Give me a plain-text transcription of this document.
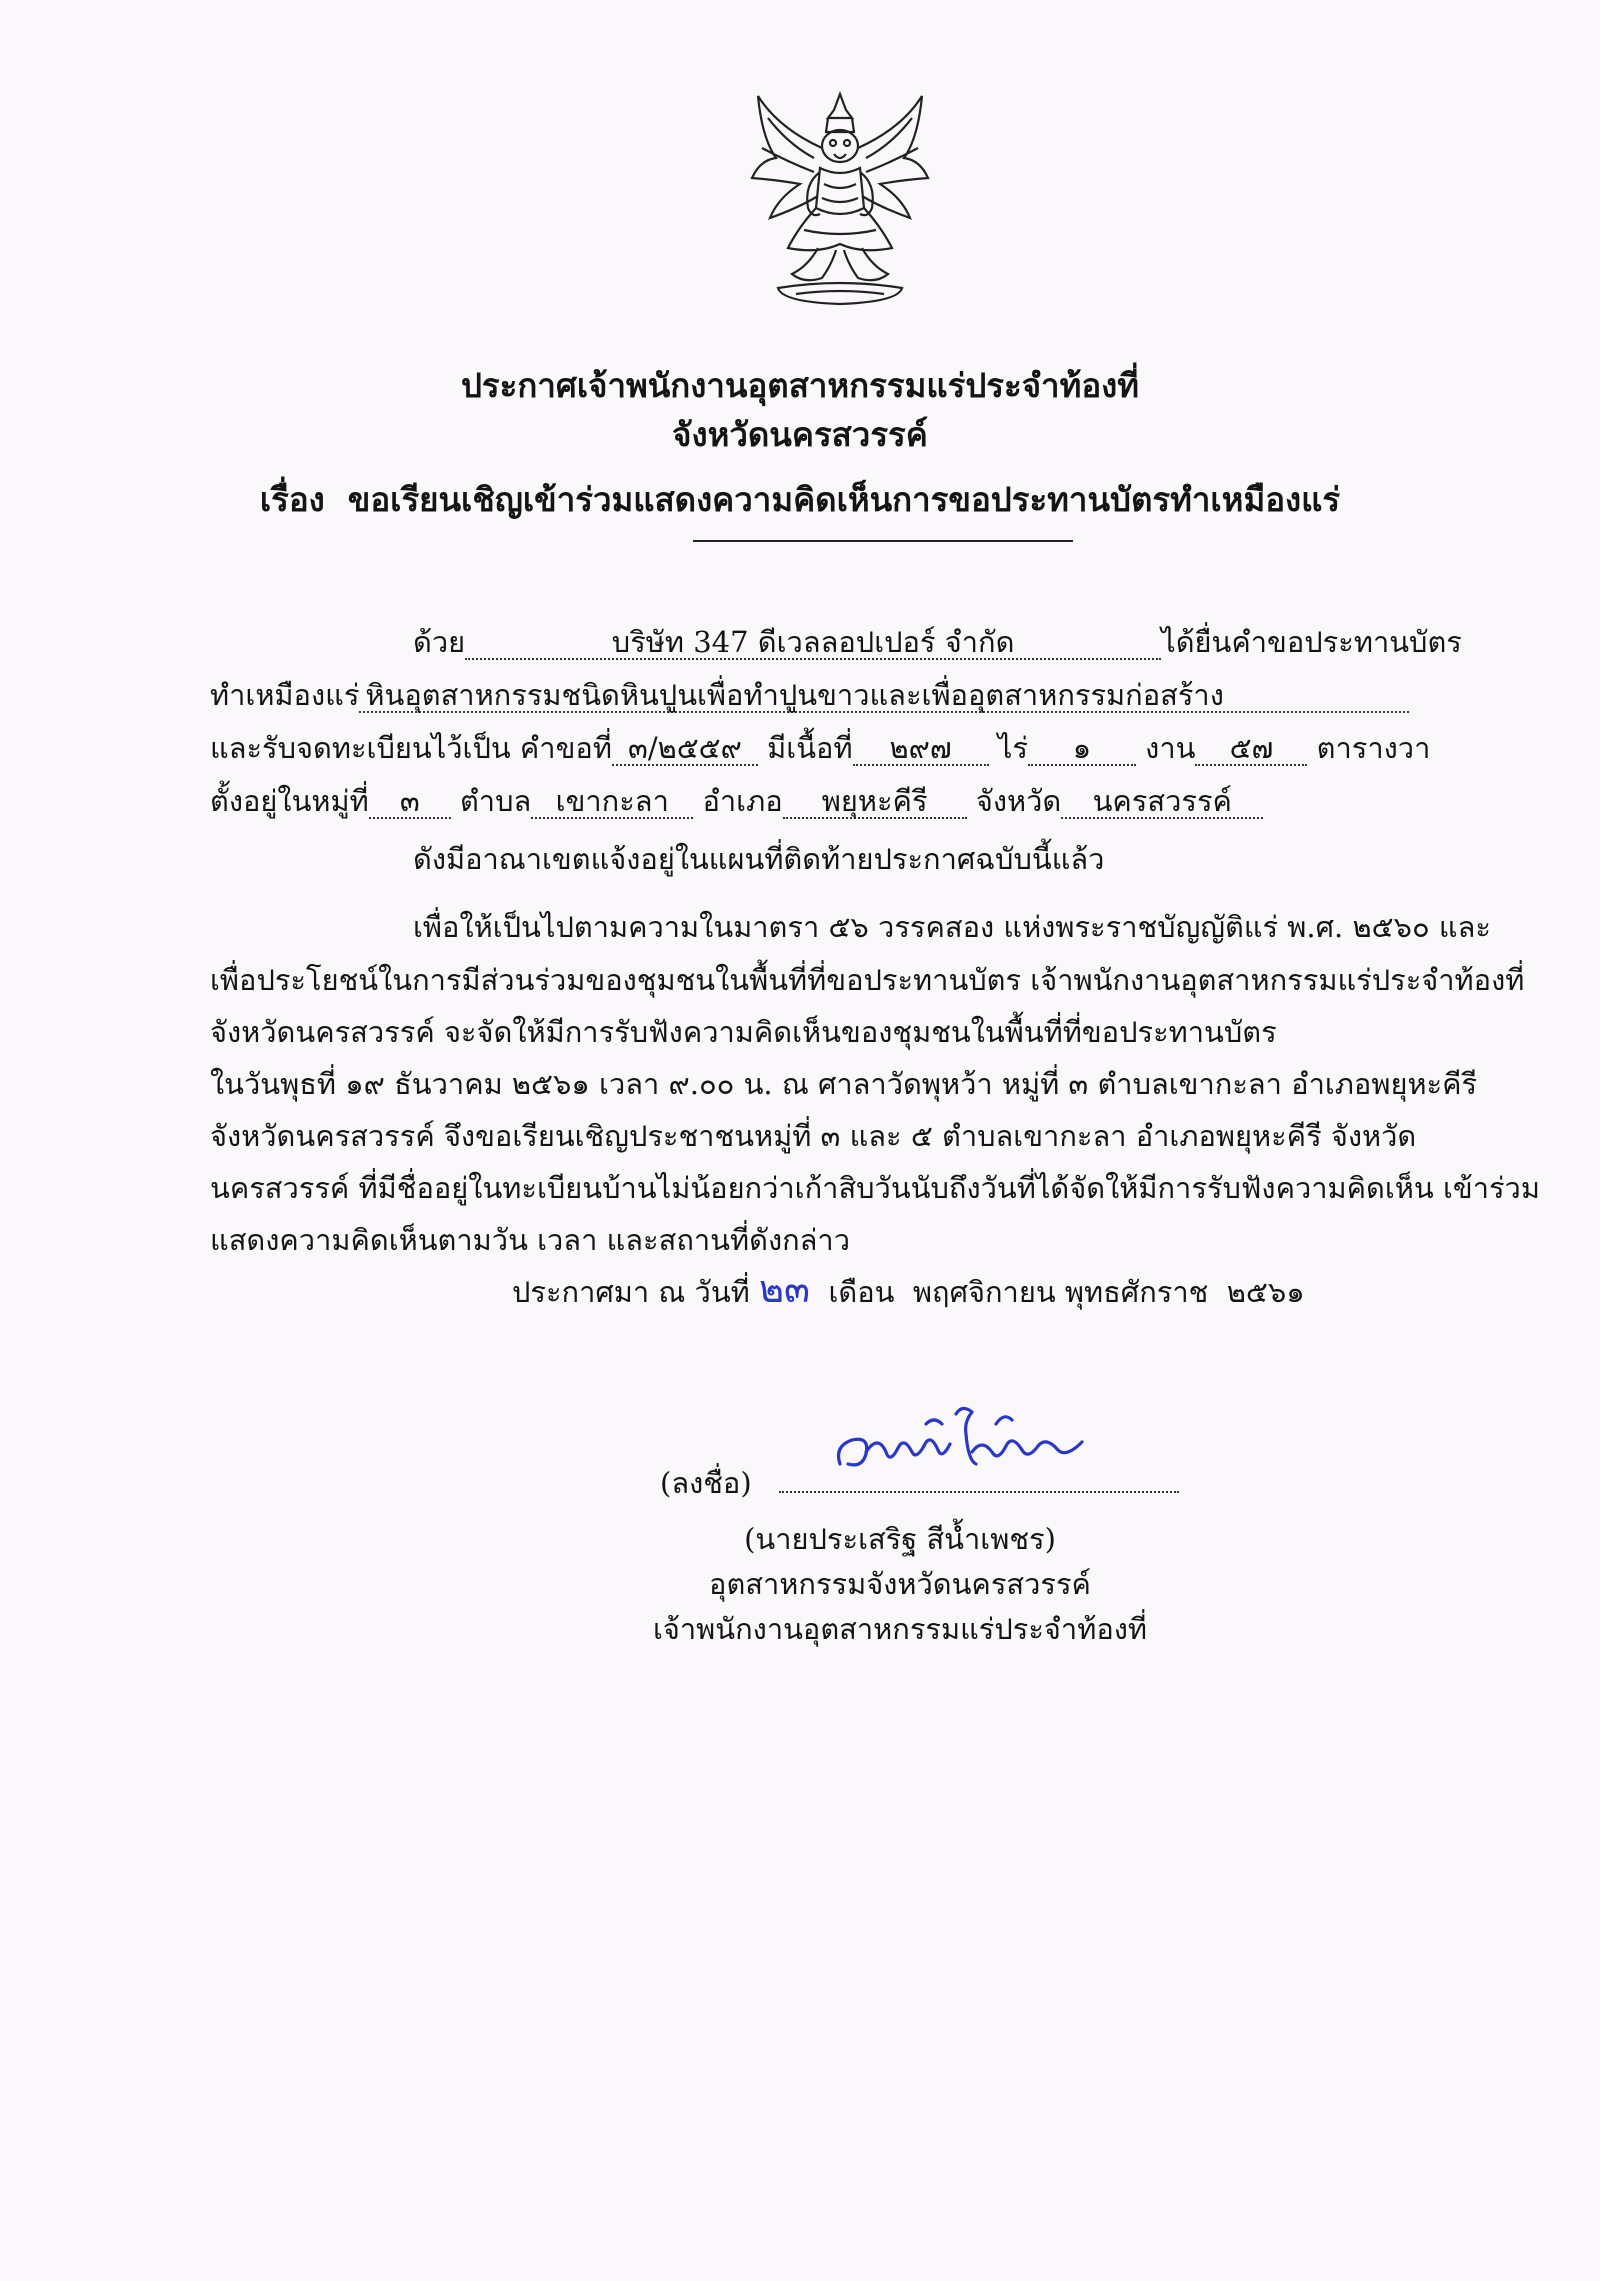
ประกาศเจ้าพนักงานอุตสาหกรรมแร่ประจำท้องที่
จังหวัดนครสวรรค์
เรื่อง ขอเรียนเชิญเข้าร่วมแสดงความคิดเห็นการขอประทานบัตรทำเหมืองแร่
ด้วย	บริษัท 347 ดีเวลลอปเปอร์ จำกัด	ได้ยื่นคำขอประทานบัตร
ทำเหมืองแร่ หินอุตสาหกรรมชนิดหินปูนเพื่อทำปูนขาวและเพื่ออุตสาหกรรมก่อสร้าง
และรับจดทะเบียนไว้เป็น คำขอที่ ๓/๒๕๕๙ มีเนื้อที่ ๒๙๗ ไร่ ๑ งาน ๕๗ ตารางวา
ตั้งอยู่ในหมู่ที่ ๓ ตำบล เขากะลา อำเภอ พยุหะคีรี จังหวัด นครสวรรค์
ดังมีอาณาเขตแจ้งอยู่ในแผนที่ติดท้ายประกาศฉบับนี้แล้ว
เพื่อให้เป็นไปตามความในมาตรา ๕๖ วรรคสอง แห่งพระราชบัญญัติแร่ พ.ศ. ๒๕๖๐ และ
เพื่อประโยชน์ในการมีส่วนร่วมของชุมชนในพื้นที่ที่ขอประทานบัตร เจ้าพนักงานอุตสาหกรรมแร่ประจำท้องที่
จังหวัดนครสวรรค์ จะจัดให้มีการรับฟังความคิดเห็นของชุมชนในพื้นที่ที่ขอประทานบัตร
ในวันพุธที่ ๑๙ ธันวาคม ๒๕๖๑ เวลา ๙.๐๐ น. ณ ศาลาวัดพุหว้า หมู่ที่ ๓ ตำบลเขากะลา อำเภอพยุหะคีรี
จังหวัดนครสวรรค์ จึงขอเรียนเชิญประชาชนหมู่ที่ ๓ และ ๕ ตำบลเขากะลา อำเภอพยุหะคีรี จังหวัด
นครสวรรค์ ที่มีชื่ออยู่ในทะเบียนบ้านไม่น้อยกว่าเก้าสิบวันนับถึงวันที่ได้จัดให้มีการรับฟังความคิดเห็น เข้าร่วม
แสดงความคิดเห็นตามวัน เวลา และสถานที่ดังกล่าว
ประกาศมา ณ วันที่ ๒๓ เดือน พฤศจิกายน พุทธศักราช ๒๕๖๑
(ลงชื่อ)
(นายประเสริฐ สีน้ำเพชร)
อุตสาหกรรมจังหวัดนครสวรรค์
เจ้าพนักงานอุตสาหกรรมแร่ประจำท้องที่
